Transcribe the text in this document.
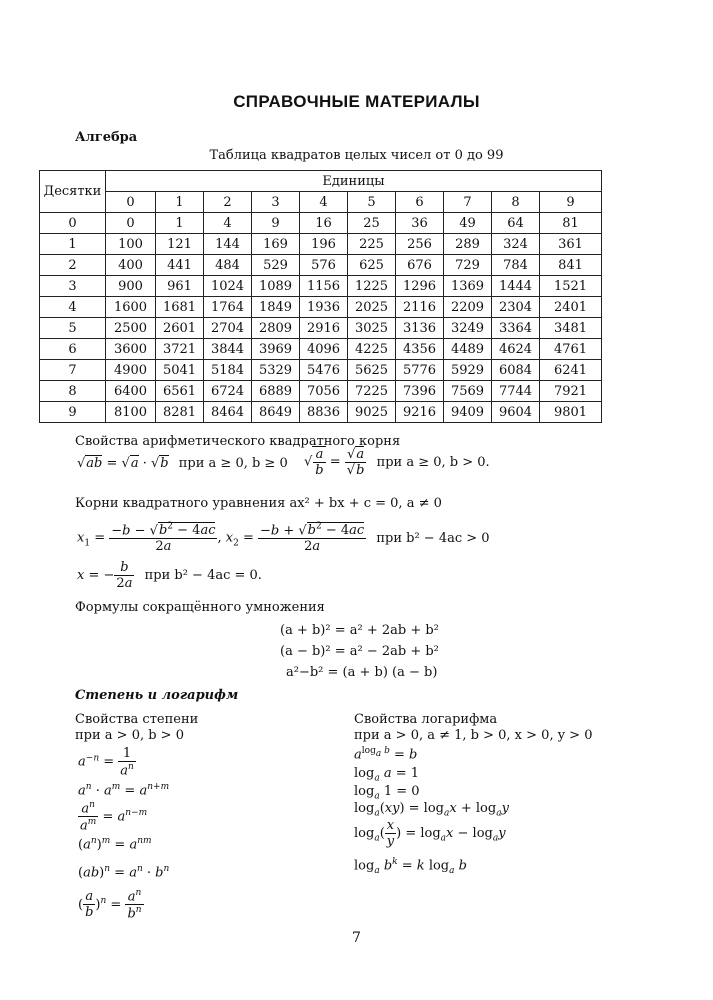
СПРАВОЧНЫЕ МАТЕРИАЛЫ
Алгебра
Таблица квадратов целых чисел от 0 до 99
Десятки	Единицы									
	0	1	2	3	4	5	6	7	8	9
0	0	1	4	9	16	25	36	49	64	81
1	100	121	144	169	196	225	256	289	324	361
2	400	441	484	529	576	625	676	729	784	841
3	900	961	1024	1089	1156	1225	1296	1369	1444	1521
4	1600	1681	1764	1849	1936	2025	2116	2209	2304	2401
5	2500	2601	2704	2809	2916	3025	3136	3249	3364	3481
6	3600	3721	3844	3969	4096	4225	4356	4489	4624	4761
7	4900	5041	5184	5329	5476	5625	5776	5929	6084	6241
8	6400	6561	6724	6889	7056	7225	7396	7569	7744	7921
9	8100	8281	8464	8649	8836	9025	9216	9409	9604	9801
Свойства арифметического квадратного корня
√ab = √a · √b при a ≥ 0, b ≥ 0 √ $\frac{a}{b} = \frac{√a}{√b}$ при a ≥ 0, b > 0.
Корни квадратного уравнения ax² + bx + c = 0, a ≠ 0
$x_1 = \frac{-b - √b^2 - 4ac}{2a}$ , $x_2 = \frac{-b + √b^2 - 4ac}{2a}$ при b² − 4ac > 0
x = − $\frac{b}{2a}$ при b² − 4ac = 0.
Формулы сокращённого умножения
(a + b)² = a² + 2ab + b²
(a − b)² = a² − 2ab + b²
a²−b² = (a + b) (a − b)
Степень и логарифм
Свойства степени
при a > 0, b > 0
$a^{-n} = \frac{1}{a^n}$
$a^n \cdot a^m = a^{n+m}$
$\frac{a^n}{a^m} = a^{n-m}$
$(a^n)^m = a^{nm}$
$(ab)^n = a^n \cdot b^n$
( $\frac{a}{b} )^n = \frac{a^n}{b^n}$
Свойства логарифма
при a > 0, a ≠ 1, b > 0, x > 0, y > 0
$a^{log_a b} = b$
$\log_a a = 1$
$\log_a 1 = 0$
$\log_a(xy) = \log_ax + \log_ay$
$\log_a( \frac{x}{y}$ ) = $\log_ax - \log_ay$
$\log_a b^k = k$ $\log_a b$
7
